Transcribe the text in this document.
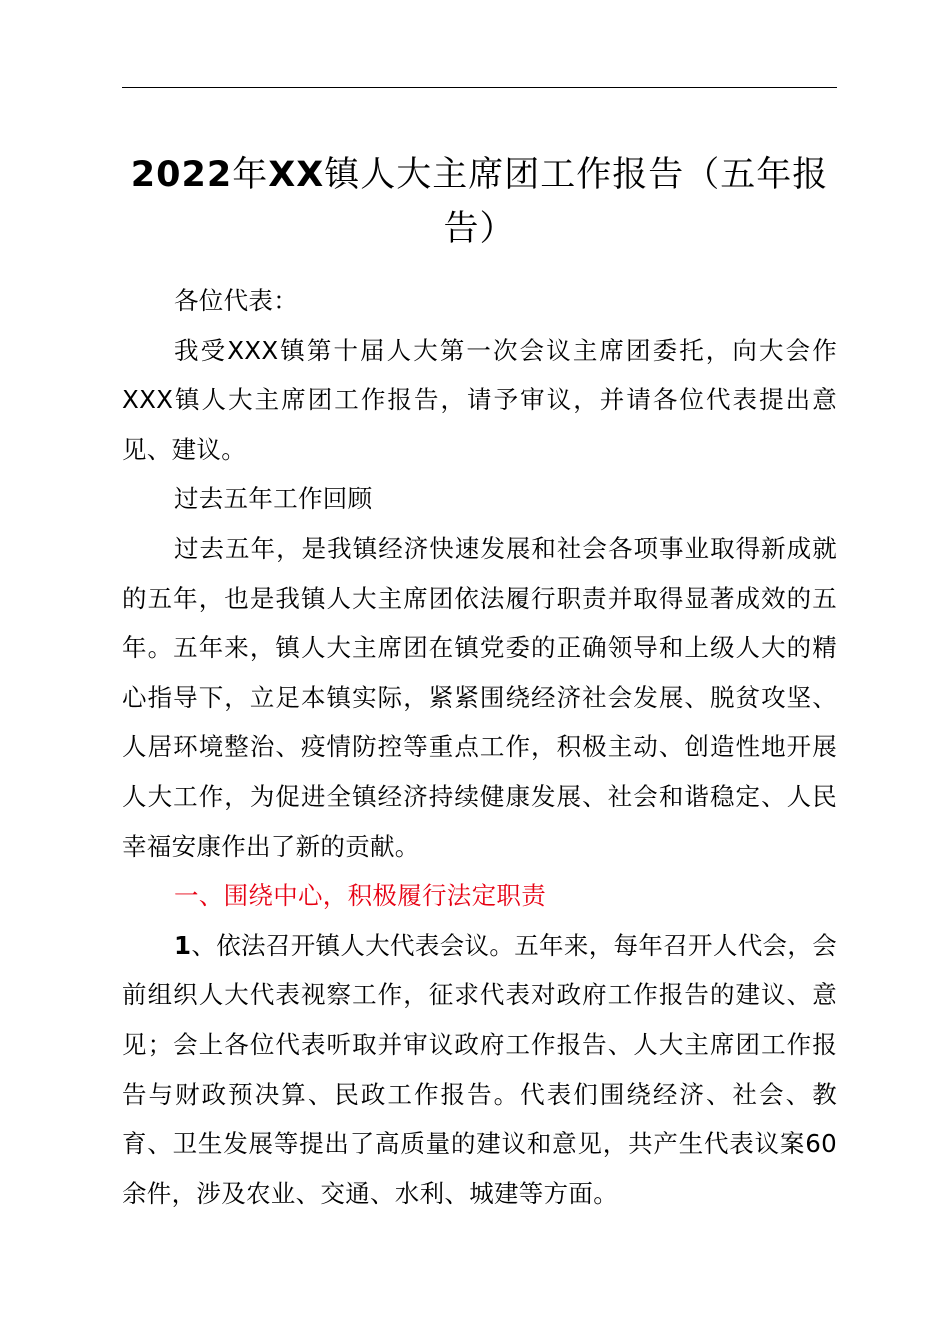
2022年XX镇人大主席团工作报告（五年报告）

各位代表：

我受XXX镇第十届人大第一次会议主席团委托，向大会作XXX镇人大主席团工作报告，请予审议，并请各位代表提出意见、建议。

过去五年工作回顾

过去五年，是我镇经济快速发展和社会各项事业取得新成就的五年，也是我镇人大主席团依法履行职责并取得显著成效的五年。五年来，镇人大主席团在镇党委的正确领导和上级人大的精心指导下，立足本镇实际，紧紧围绕经济社会发展、脱贫攻坚、人居环境整治、疫情防控等重点工作，积极主动、创造性地开展人大工作，为促进全镇经济持续健康发展、社会和谐稳定、人民幸福安康作出了新的贡献。

一、围绕中心，积极履行法定职责

1、依法召开镇人大代表会议。五年来，每年召开人代会，会前组织人大代表视察工作，征求代表对政府工作报告的建议、意见；会上各位代表听取并审议政府工作报告、人大主席团工作报告与财政预决算、民政工作报告。代表们围绕经济、社会、教育、卫生发展等提出了高质量的建议和意见，共产生代表议案60余件，涉及农业、交通、水利、城建等方面。
